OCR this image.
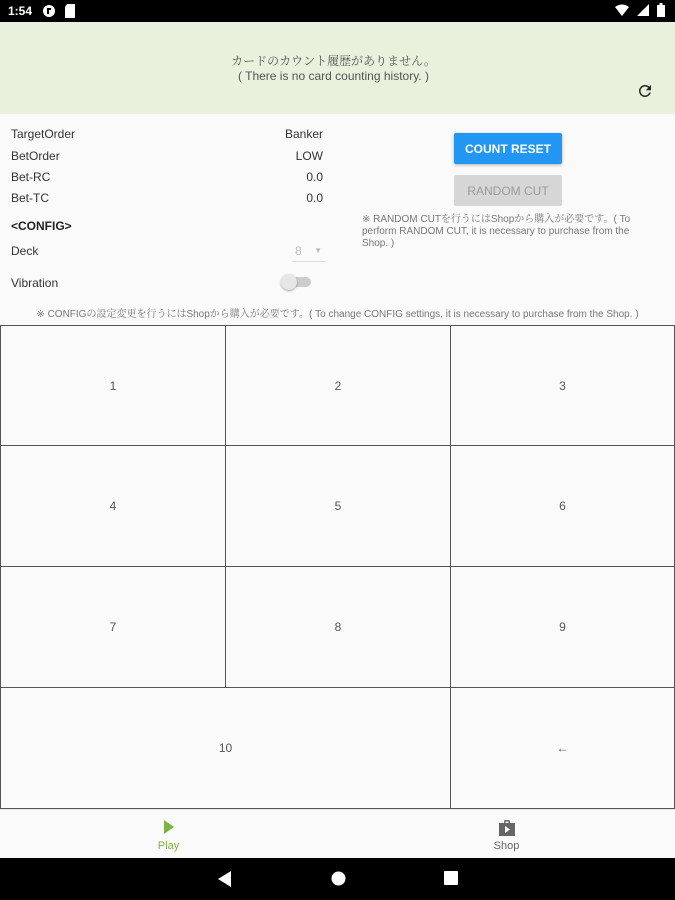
1:54
カードのカウント履歴がありません。
( There is no card counting history. )
TargetOrder	Banker
BetOrder	LOW
Bet-RC	0.0
Bet-TC	0.0
<CONFIG>
Deck	8 ▼
Vibration
COUNT RESET
RANDOM CUT
※ RANDOM CUTを行うにはShopから購入が必要です。( To perform RANDOM CUT, it is necessary to purchase from the Shop. )
※ CONFIGの設定変更を行うにはShopから購入が必要です。( To change CONFIG settings, it is necessary to purchase from the Shop. )
1	2	3
4	5	6
7	8	9
10	←
Play	Shop
